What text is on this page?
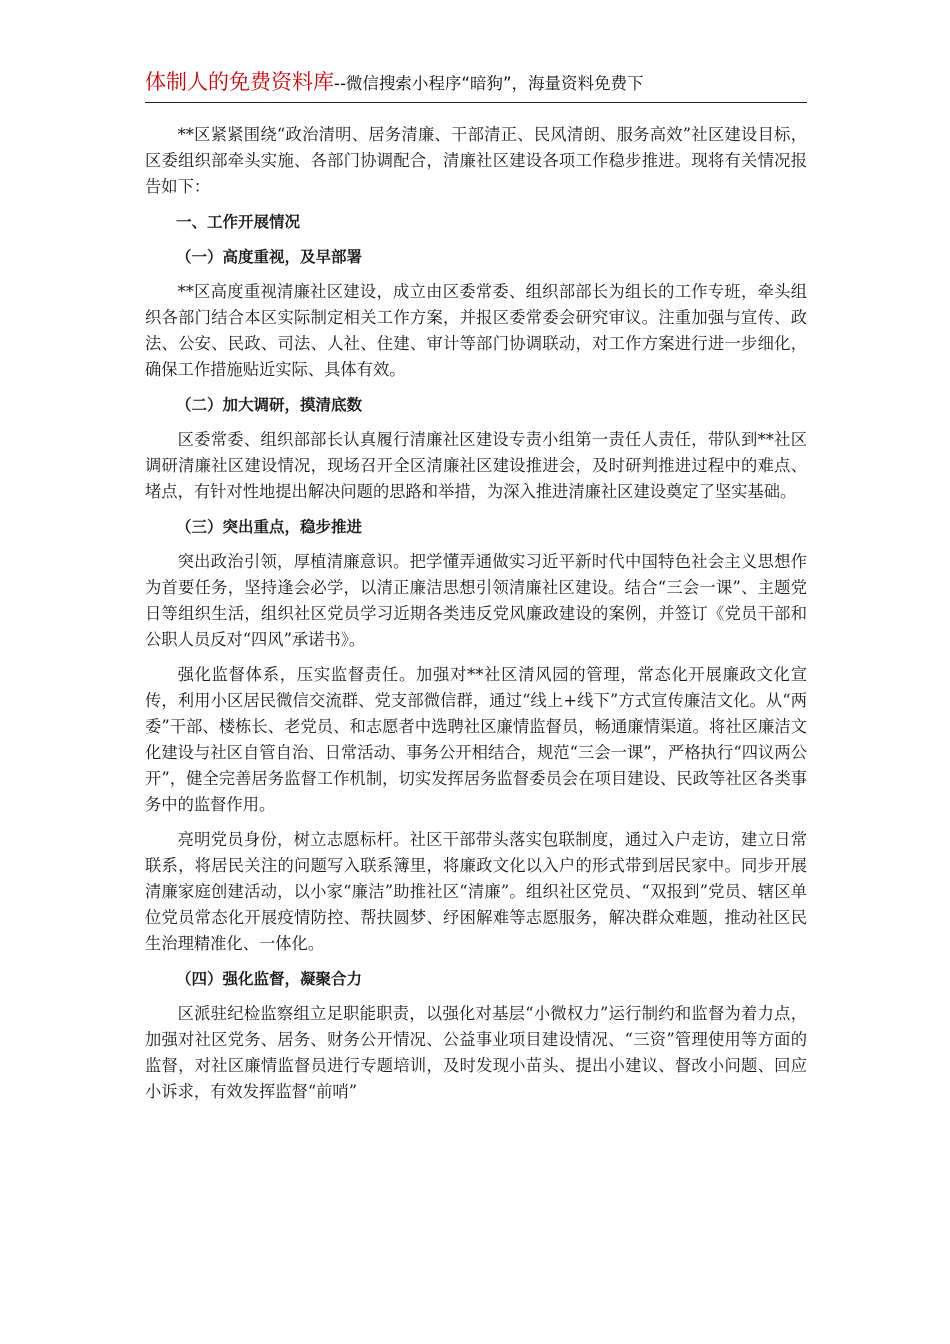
体制人的免费资料库--微信搜索小程序“暗狗”，海量资料免费下

**区紧紧围绕“政治清明、居务清廉、干部清正、民风清朗、服务高效”社区建设目标，区委组织部牵头实施、各部门协调配合，清廉社区建设各项工作稳步推进。现将有关情况报告如下：

一、工作开展情况

（一）高度重视，及早部署

**区高度重视清廉社区建设，成立由区委常委、组织部部长为组长的工作专班，牵头组织各部门结合本区实际制定相关工作方案，并报区委常委会研究审议。注重加强与宣传、政法、公安、民政、司法、人社、住建、审计等部门协调联动，对工作方案进行进一步细化，确保工作措施贴近实际、具体有效。

（二）加大调研，摸清底数

区委常委、组织部部长认真履行清廉社区建设专责小组第一责任人责任，带队到**社区调研清廉社区建设情况，现场召开全区清廉社区建设推进会，及时研判推进过程中的难点、堵点，有针对性地提出解决问题的思路和举措，为深入推进清廉社区建设奠定了坚实基础。

（三）突出重点，稳步推进

突出政治引领，厚植清廉意识。把学懂弄通做实习近平新时代中国特色社会主义思想作为首要任务，坚持逢会必学，以清正廉洁思想引领清廉社区建设。结合“三会一课”、主题党日等组织生活，组织社区党员学习近期各类违反党风廉政建设的案例，并签订《党员干部和公职人员反对“四风”承诺书》。

强化监督体系，压实监督责任。加强对**社区清风园的管理，常态化开展廉政文化宣传，利用小区居民微信交流群、党支部微信群，通过“线上+线下”方式宣传廉洁文化。从“两委”干部、楼栋长、老党员、和志愿者中选聘社区廉情监督员，畅通廉情渠道。将社区廉洁文化建设与社区自管自治、日常活动、事务公开相结合，规范“三会一课”，严格执行“四议两公开”，健全完善居务监督工作机制，切实发挥居务监督委员会在项目建设、民政等社区各类事务中的监督作用。

亮明党员身份，树立志愿标杆。社区干部带头落实包联制度，通过入户走访，建立日常联系，将居民关注的问题写入联系簿里，将廉政文化以入户的形式带到居民家中。同步开展清廉家庭创建活动，以小家“廉洁”助推社区“清廉”。组织社区党员、“双报到”党员、辖区单位党员常态化开展疫情防控、帮扶圆梦、纾困解难等志愿服务，解决群众难题，推动社区民生治理精准化、一体化。

（四）强化监督，凝聚合力

区派驻纪检监察组立足职能职责，以强化对基层“小微权力”运行制约和监督为着力点，加强对社区党务、居务、财务公开情况、公益事业项目建设情况、“三资”管理使用等方面的监督，对社区廉情监督员进行专题培训，及时发现小苗头、提出小建议、督改小问题、回应小诉求，有效发挥监督“前哨”
